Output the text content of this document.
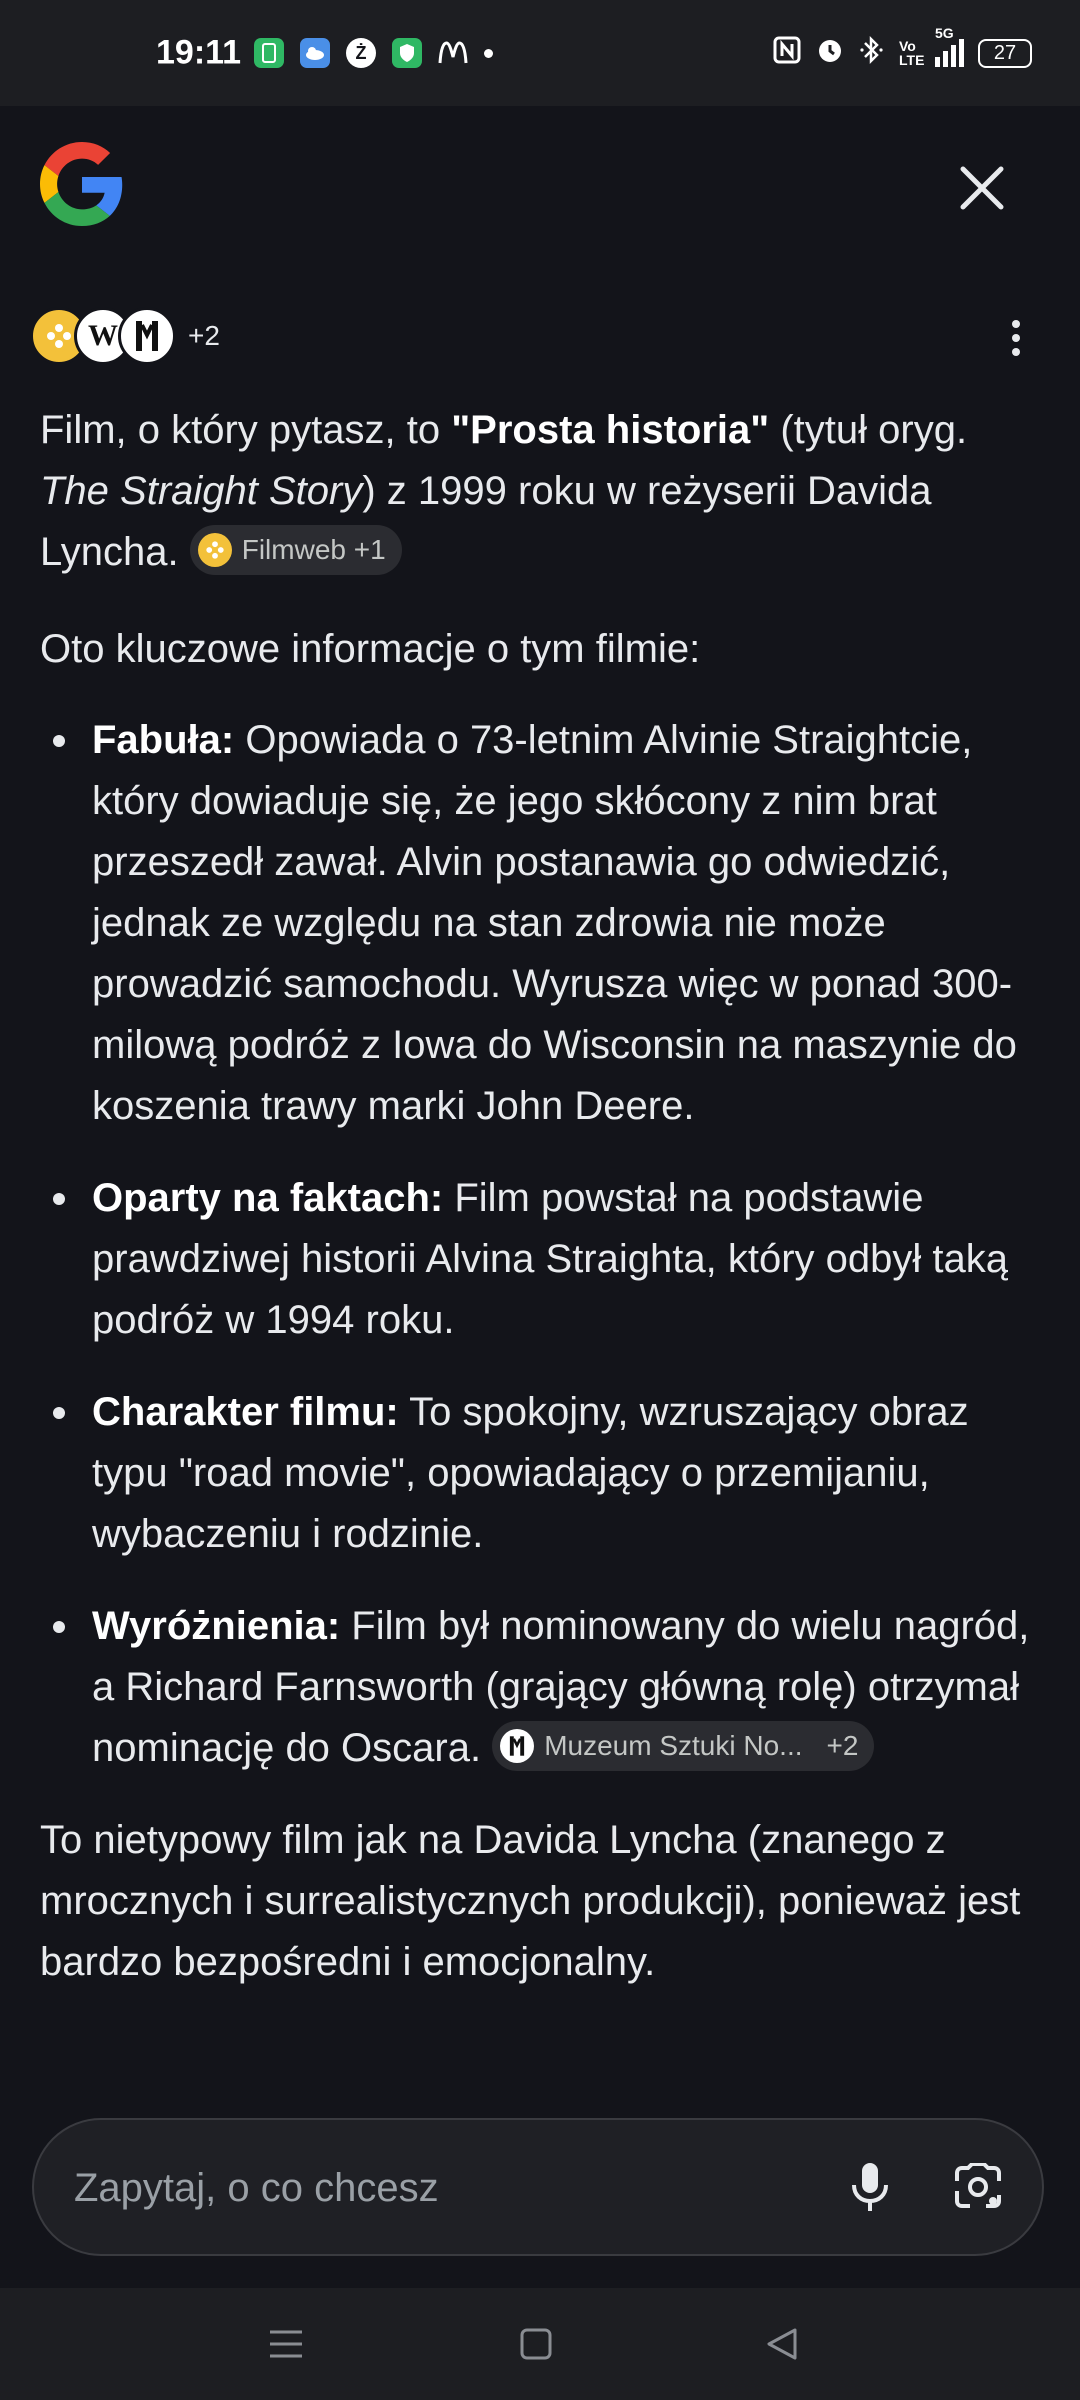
19:11	Ż	Vo LTE
5G
27
W	+2

Film, o który pytasz, to "Prosta historia" (tytuł oryg. The Straight Story) z 1999 roku w reżyserii Davida Lyncha. Filmweb +1

Oto kluczowe informacje o tym filmie:

Fabuła: Opowiada o 73-letnim Alvinie Straightcie, który dowiaduje się, że jego skłócony z nim brat przeszedł zawał. Alvin postanawia go odwiedzić, jednak ze względu na stan zdrowia nie może prowadzić samochodu. Wyrusza więc w ponad 300-milową podróż z Iowa do Wisconsin na maszynie do koszenia trawy marki John Deere.
Oparty na faktach: Film powstał na podstawie prawdziwej historii Alvina Straighta, który odbył taką podróż w 1994 roku.
Charakter filmu: To spokojny, wzruszający obraz typu "road movie", opowiadający o przemijaniu, wybaczeniu i rodzinie.
Wyróżnienia: Film był nominowany do wielu nagród, a Richard Farnsworth (grający główną rolę) otrzymał nominację do Oscara. Muzeum Sztuki No... +2

To nietypowy film jak na Davida Lyncha (znanego z mrocznych i surrealistycznych produkcji), ponieważ jest bardzo bezpośredni i emocjonalny.

Zapytaj, o co chcesz
